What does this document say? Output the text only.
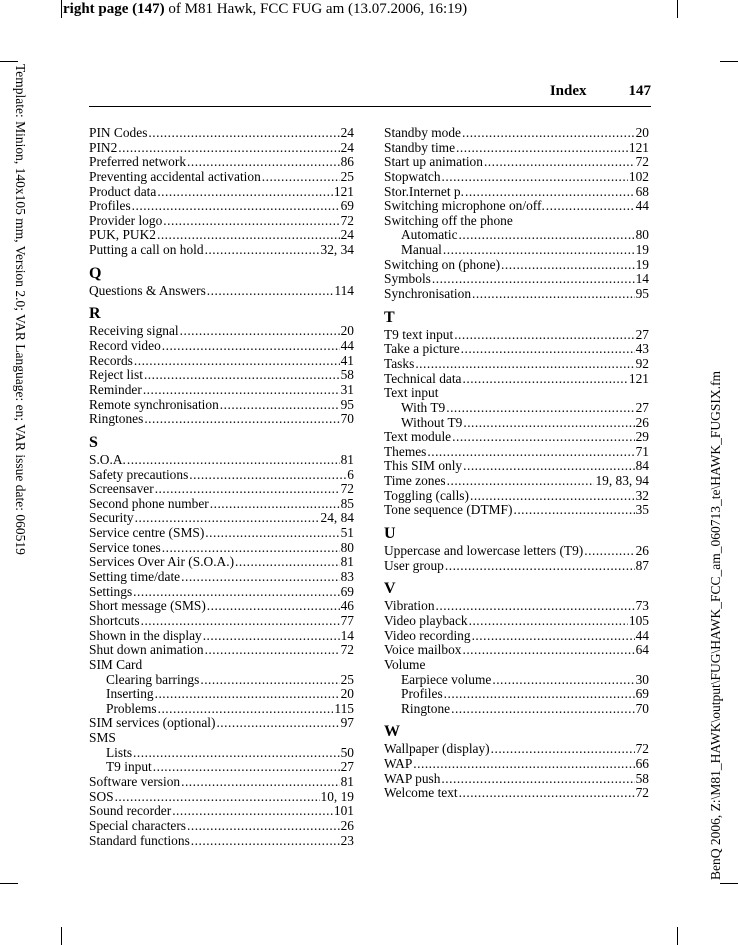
right page (147) of M81 Hawk, FCC FUG am (13.07.2006, 16:19)
Template: Minion, 140x105 mm, Version 2.0; VAR Language: en; VAR issue date: 060519
BenQ 2006, Z:\M81_HAWK\output\FUG\HAWK_FCC_am_060713_te\HAWK_FUGSIX.fm
Index	147
PIN Codes .....	24
PIN2 .....	24
Preferred network .....	86
Preventing accidental activation .....	25
Product data .....	121
Profiles .....	69
Provider logo .....	72
PUK, PUK2 .....	24
Putting a call on hold .....	32, 34
Q
Questions & Answers .....	114
R
Receiving signal .....	20
Record video .....	44
Records .....	41
Reject list .....	58
Reminder .....	31
Remote synchronisation .....	95
Ringtones .....	70
S
S.O.A. .....	81
Safety precautions .....	6
Screensaver .....	72
Second phone number .....	85
Security .....	24, 84
Service centre (SMS) .....	51
Service tones .....	80
Services Over Air (S.O.A.) .....	81
Setting time/date .....	83
Settings .....	69
Short message (SMS) .....	46
Shortcuts .....	77
Shown in the display .....	14
Shut down animation .....	72
SIM Card
Clearing barrings .....	25
Inserting .....	20
Problems .....	115
SIM services (optional) .....	97
SMS
Lists .....	50
T9 input .....	27
Software version .....	81
SOS .....	10, 19
Sound recorder .....	101
Special characters .....	26
Standard functions .....	23
Standby mode .....	20
Standby time .....	121
Start up animation .....	72
Stopwatch .....	102
Stor.Internet p. .....	68
Switching microphone on/off. .....	44
Switching off the phone
Automatic .....	80
Manual .....	19
Switching on (phone) .....	19
Symbols .....	14
Synchronisation .....	95
T
T9 text input .....	27
Take a picture .....	43
Tasks .....	92
Technical data .....	121
Text input
With T9 .....	27
Without T9 .....	26
Text module .....	29
Themes .....	71
This SIM only .....	84
Time zones .....	19, 83, 94
Toggling (calls) .....	32
Tone sequence (DTMF) .....	35
U
Uppercase and lowercase letters (T9) .....	26
User group .....	87
V
Vibration .....	73
Video playback .....	105
Video recording .....	44
Voice mailbox .....	64
Volume
Earpiece volume .....	30
Profiles .....	69
Ringtone .....	70
W
Wallpaper (display) .....	72
WAP .....	66
WAP push .....	58
Welcome text .....	72
